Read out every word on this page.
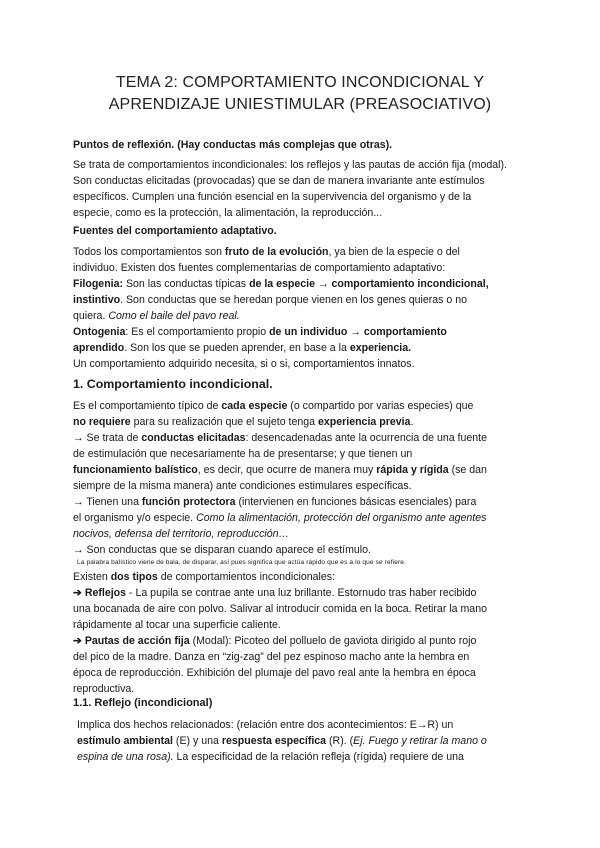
TEMA 2: COMPORTAMIENTO INCONDICIONAL Y
APRENDIZAJE UNIESTIMULAR (PREASOCIATIVO)

Puntos de reflexión. (Hay conductas más complejas que otras).

Se trata de comportamientos incondicionales: los reflejos y las pautas de acción fija (modal).

Son conductas elicitadas (provocadas) que se dan de manera invariante ante estímulos

específicos. Cumplen una función esencial en la supervivencia del organismo y de la

especie, como es la protección, la alimentación, la reproducción...

Fuentes del comportamiento adaptativo.

Todos los comportamientos son fruto de la evolución, ya bien de la especie o del

individuo. Existen dos fuentes complementarias de comportamiento adaptativo:

Filogenia: Son las conductas típicas de la especie → comportamiento incondicional,

instintivo. Son conductas que se heredan porque vienen en los genes quieras o no

quiera. Como el baile del pavo real.

Ontogenia: Es el comportamiento propio de un individuo → comportamiento

aprendido. Son los que se pueden aprender, en base a la experiencia.

Un comportamiento adquirido necesita, si o si, comportamientos innatos.

1. Comportamiento incondicional.

Es el comportamiento típico de cada especie (o compartido por varias especies) que

no requiere para su realización que el sujeto tenga experiencia previa.

→ Se trata de conductas elicitadas: desencadenadas ante la ocurrencia de una fuente

de estimulación que necesariamente ha de presentarse; y que tienen un

funcionamiento balístico, es decir, que ocurre de manera muy rápida y rígida (se dan

siempre de la misma manera) ante condiciones estimulares específicas.

→ Tienen una función protectora (intervienen en funciones básicas esenciales) para

el organismo y/o especie. Como la alimentación, protección del organismo ante agentes

nocivos, defensa del territorio, reproducción…

→ Son conductas que se disparan cuando aparece el estímulo.

La palabra balístico viene de bala, de disparar, así pues significa que actúa rápido que es a lo que se refiere.

Existen dos tipos de comportamientos incondicionales:

➔ Reflejos - La pupila se contrae ante una luz brillante. Estornudo tras haber recibido

una bocanada de aire con polvo. Salivar al introducir comida en la boca. Retirar la mano

rápidamente al tocar una superficie caliente.

➔ Pautas de acción fija (Modal): Picoteo del polluelo de gaviota dirigido al punto rojo

del pico de la madre. Danza en “zig-zag” del pez espinoso macho ante la hembra en

época de reproducción. Exhibición del plumaje del pavo real ante la hembra en época

reproductiva.

1.1. Reflejo (incondicional)

Implica dos hechos relacionados: (relación entre dos acontecimientos: E→R) un

estímulo ambiental (E) y una respuesta específica (R). (Ej. Fuego y retirar la mano o

espina de una rosa). La especificidad de la relación refleja (rígida) requiere de una
